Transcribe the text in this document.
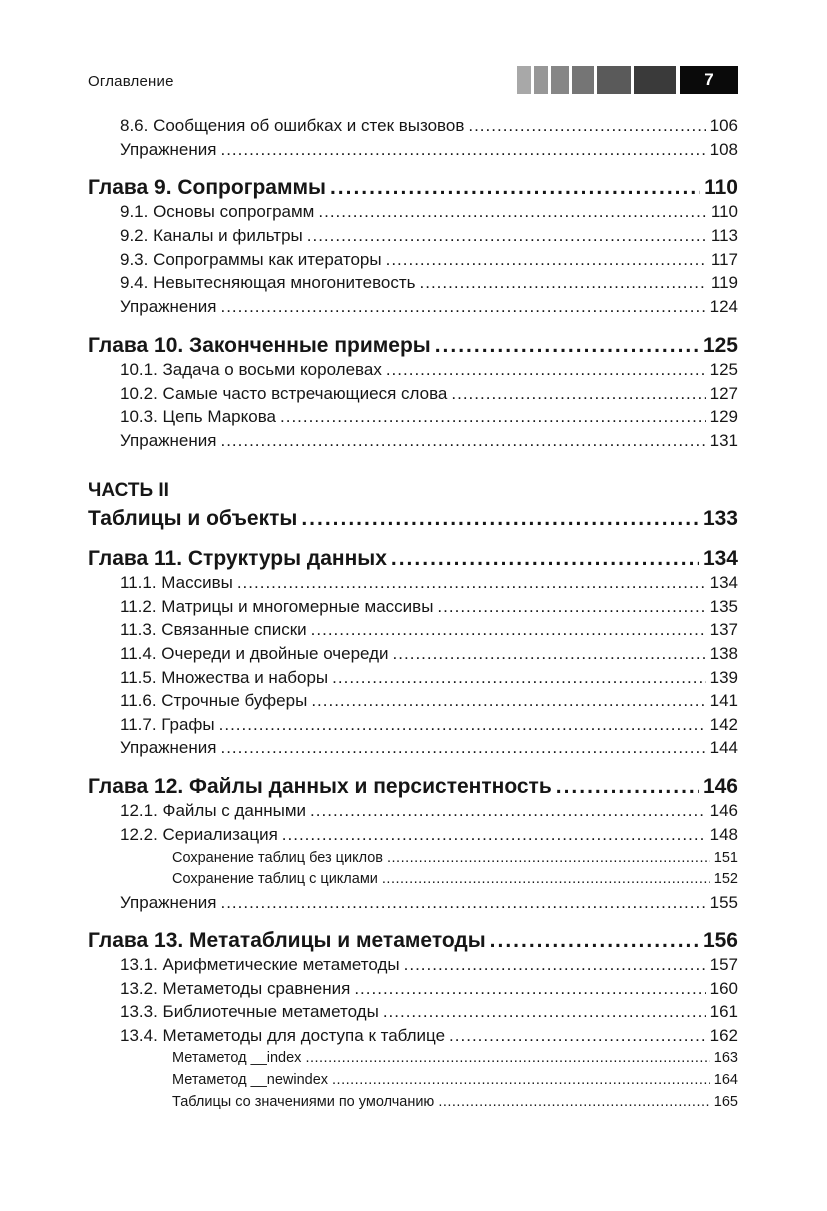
Оглавление	7
8.6. Сообщения об ошибках и стек вызовов .....	106
Упражнения .....	108
Глава 9. Сопрограммы .....	110
9.1. Основы сопрограмм .....	110
9.2. Каналы и фильтры .....	113
9.3. Сопрограммы как итераторы .....	117
9.4. Невытесняющая многонитевость .....	119
Упражнения .....	124
Глава 10. Законченные примеры .....	125
10.1. Задача о восьми королевах .....	125
10.2. Самые часто встречающиеся слова .....	127
10.3. Цепь Маркова .....	129
Упражнения .....	131
ЧАСТЬ II
Таблицы и объекты .....	133
Глава 11. Структуры данных .....	134
11.1. Массивы .....	134
11.2. Матрицы и многомерные массивы .....	135
11.3. Связанные списки .....	137
11.4. Очереди и двойные очереди .....	138
11.5. Множества и наборы .....	139
11.6. Строчные буферы .....	141
11.7. Графы .....	142
Упражнения .....	144
Глава 12. Файлы данных и персистентность .....	146
12.1. Файлы с данными .....	146
12.2. Сериализация .....	148
Сохранение таблиц без циклов .....	151
Сохранение таблиц с циклами .....	152
Упражнения .....	155
Глава 13. Метатаблицы и метаметоды .....	156
13.1. Арифметические метаметоды .....	157
13.2. Метаметоды сравнения .....	160
13.3. Библиотечные метаметоды .....	161
13.4. Метаметоды для доступа к таблице .....	162
Метаметод __index .....	163
Метаметод __newindex .....	164
Таблицы со значениями по умолчанию .....	165
